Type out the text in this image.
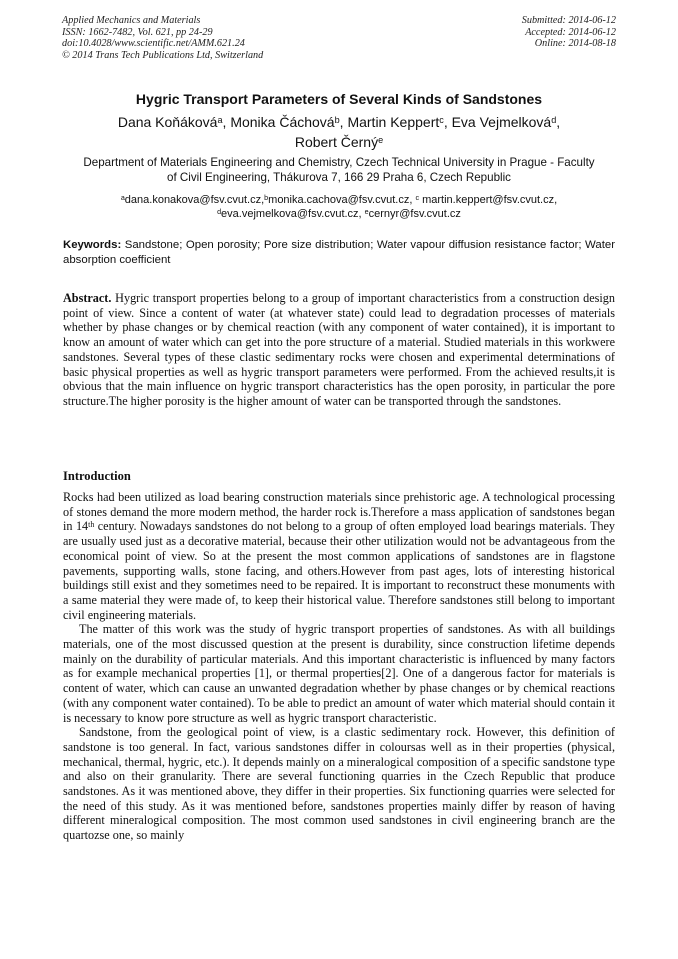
Applied Mechanics and Materials
ISSN: 1662-7482, Vol. 621, pp 24-29
doi:10.4028/www.scientific.net/AMM.621.24
© 2014 Trans Tech Publications Ltd, Switzerland
Submitted: 2014-06-12
Accepted: 2014-06-12
Online: 2014-08-18
Hygric Transport Parameters of Several Kinds of Sandstones
Dana Koňáková$^a$, Monika Čáchová$^b$, Martin Keppert$^c$, Eva Vejmelková$^d$,
Robert Černý$^e$
Department of Materials Engineering and Chemistry, Czech Technical University in Prague - Faculty
of Civil Engineering, Thákurova 7, 166 29 Praha 6, Czech Republic
$^a$dana.konakova@fsv.cvut.cz,$^b$monika.cachova@fsv.cvut.cz, $^c$ martin.keppert@fsv.cvut.cz,
$^d$eva.vejmelkova@fsv.cvut.cz, $^e$cernyr@fsv.cvut.cz
Keywords: Sandstone; Open porosity; Pore size distribution; Water vapour diffusion resistance factor; Water absorption coefficient
Abstract. Hygric transport properties belong to a group of important characteristics from a construction design point of view. Since a content of water (at whatever state) could lead to degradation processes of materials whether by phase changes or by chemical reaction (with any component of water contained), it is important to know an amount of water which can get into the pore structure of a material. Studied materials in this workwere sandstones. Several types of these clastic sedimentary rocks were chosen and experimental determinations of basic physical properties as well as hygric transport parameters were performed. From the achieved results,it is obvious that the main influence on hygric transport characteristics has the open porosity, in particular the pore structure.The higher porosity is the higher amount of water can be transported through the sandstones.
Introduction

Rocks had been utilized as load bearing construction materials since prehistoric age. A technological processing of stones demand the more modern method, the harder rock is.Therefore a mass application of sandstones began in 14th century. Nowadays sandstones do not belong to a group of often employed load bearings materials. They are usually used just as a decorative material, because their other utilization would not be advantageous from the economical point of view. So at the present the most common applications of sandstones are in flagstone pavements, supporting walls, stone facing, and others.However from past ages, lots of interesting historical buildings still exist and they sometimes need to be repaired. It is important to reconstruct these monuments with a same material they were made of, to keep their historical value. Therefore sandstones still belong to important civil engineering materials.

The matter of this work was the study of hygric transport properties of sandstones. As with all buildings materials, one of the most discussed question at the present is durability, since construction lifetime depends mainly on the durability of particular materials. And this important characteristic is influenced by many factors as for example mechanical properties [1], or thermal properties[2]. One of a dangerous factor for materials is content of water, which can cause an unwanted degradation whether by phase changes or by chemical reactions (with any component water contained). To be able to predict an amount of water which material should contain it is necessary to know pore structure as well as hygric transport characteristic.

Sandstone, from the geological point of view, is a clastic sedimentary rock. However, this definition of sandstone is too general. In fact, various sandstones differ in coloursas well as in their properties (physical, mechanical, thermal, hygric, etc.). It depends mainly on a mineralogical composition of a specific sandstone type and also on their granularity. There are several functioning quarries in the Czech Republic that produce sandstones. As it was mentioned above, they differ in their properties. Six functioning quarries were selected for the need of this study. As it was mentioned before, sandstones properties mainly differ by reason of having different mineralogical composition. The most common used sandstones in civil engineering branch are the quartozse one, so mainly
